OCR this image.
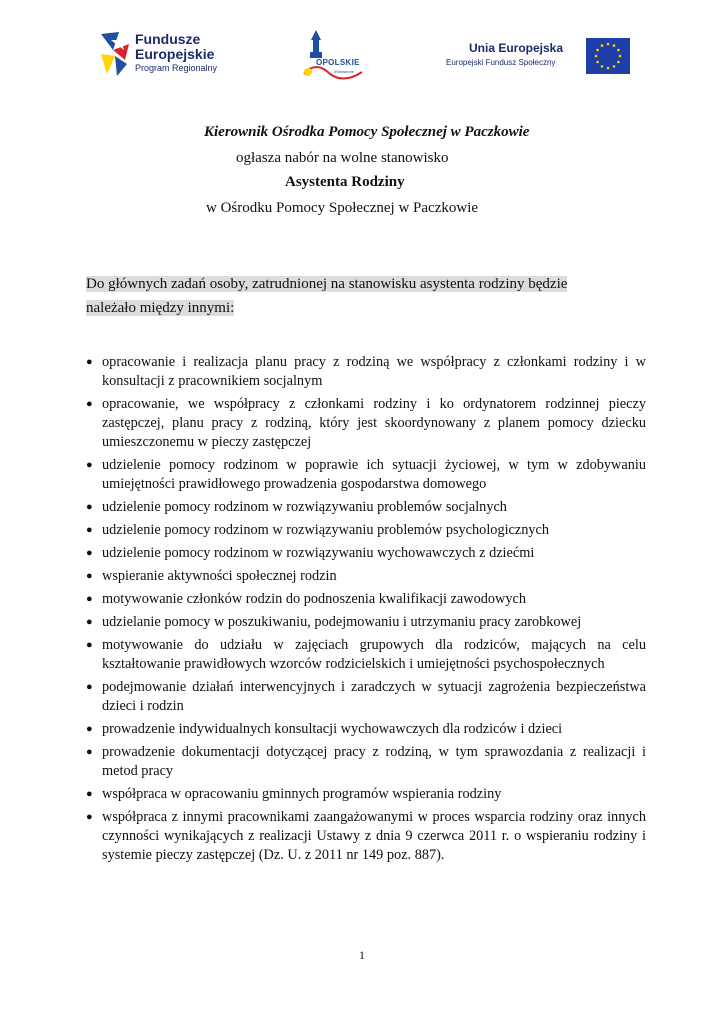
Fundusze
Europejskie
Program Regionalny
OPOLSKIE
#Wiosenne
Unia Europejska
Europejski Fundusz Społeczny
Kierownik Ośrodka Pomocy Społecznej w Paczkowie
ogłasza nabór na wolne stanowisko
Asystenta Rodziny
w Ośrodku Pomocy Społecznej w Paczkowie
Do głównych zadań osoby, zatrudnionej na stanowisku asystenta rodziny będzie
należało między innymi:
● opracowanie i realizacja planu pracy z rodziną we współpracy z członkami rodziny i w konsultacji z pracownikiem socjalnym
● opracowanie, we współpracy z członkami rodziny i ko ordynatorem rodzinnej pieczy zastępczej, planu pracy z rodziną, który jest skoordynowany z planem pomocy dziecku umieszczonemu w pieczy zastępczej
● udzielenie pomocy rodzinom w poprawie ich sytuacji życiowej, w tym w zdobywaniu umiejętności prawidłowego prowadzenia gospodarstwa domowego
● udzielenie pomocy rodzinom w rozwiązywaniu problemów socjalnych
● udzielenie pomocy rodzinom w rozwiązywaniu problemów psychologicznych
● udzielenie pomocy rodzinom w rozwiązywaniu wychowawczych z dziećmi
● wspieranie aktywności społecznej rodzin
● motywowanie członków rodzin do podnoszenia kwalifikacji zawodowych
● udzielanie pomocy w poszukiwaniu, podejmowaniu i utrzymaniu pracy zarobkowej
● motywowanie do udziału w zajęciach grupowych dla rodziców, mających na celu kształtowanie prawidłowych wzorców rodzicielskich i umiejętności psychospołecznych
● podejmowanie działań interwencyjnych i zaradczych w sytuacji zagrożenia bezpieczeństwa dzieci i rodzin
● prowadzenie indywidualnych konsultacji wychowawczych dla rodziców i dzieci
● prowadzenie dokumentacji dotyczącej pracy z rodziną, w tym sprawozdania z realizacji i metod pracy
● współpraca w opracowaniu gminnych programów wspierania rodziny
● współpraca z innymi pracownikami zaangażowanymi w proces wsparcia rodziny oraz innych czynności wynikających z realizacji Ustawy z dnia 9 czerwca 2011 r. o wspieraniu rodziny i systemie pieczy zastępczej (Dz. U. z 2011 nr 149 poz. 887).
1
